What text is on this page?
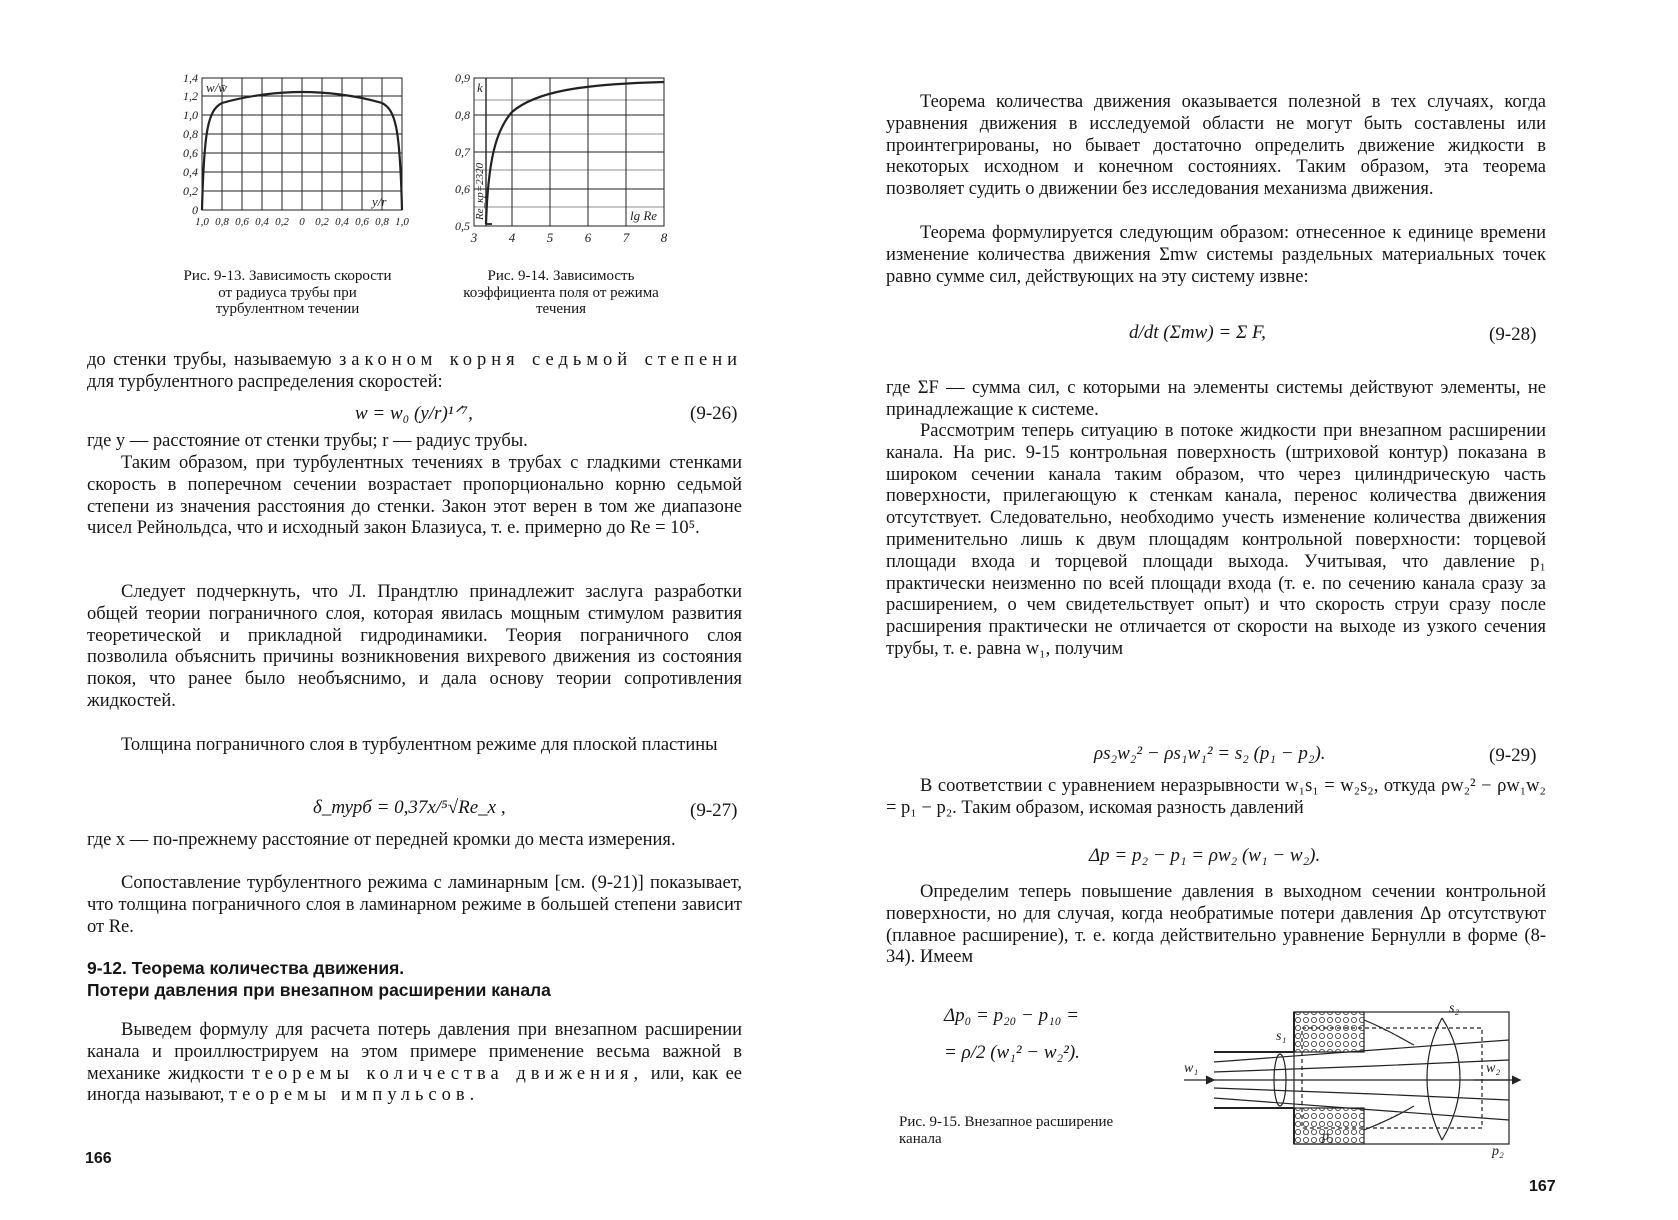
1,4
1,2
1,0
0,8
0,6
0,4
0,2
0
1,0 0,8 0,6 0,4 0,2 0 0,2 0,4 0,6 0,8 1,0
w/w̄
y/r

Рис. 9-13. Зависимость скорости от радиуса трубы при турбулентном течении

0,9
0,8
0,7
0,6
0,5
3 4 5 6 7 8
k
lg Re
Re_кр=2320

Рис. 9-14. Зависимость коэффициента поля от режима течения

до стенки трубы, называемую законом корня седьмой степени для турбулентного распределения скоростей:

w = w₀ (y/r)¹ᐟ⁷,	(9-26)

где y — расстояние от стенки трубы; r — радиус трубы.

Таким образом, при турбулентных течениях в трубах с гладкими стенками скорость в поперечном сечении возрастает пропорционально корню седьмой степени из значения расстояния до стенки. Закон этот верен в том же диапазоне чисел Рейнольдса, что и исходный закон Блазиуса, т. е. примерно до Re = 10⁵.

Следует подчеркнуть, что Л. Прандтлю принадлежит заслуга разработки общей теории пограничного слоя, которая явилась мощным стимулом развития теоретической и прикладной гидродинамики. Теория пограничного слоя позволила объяснить причины возникновения вихревого движения из состояния покоя, что ранее было необъяснимо, и дала основу теории сопротивления жидкостей.

Толщина пограничного слоя в турбулентном режиме для плоской пластины

δ_турб = 0,37x/⁵√Re_x ,	(9-27)

где x — по-прежнему расстояние от передней кромки до места измерения.

Сопоставление турбулентного режима с ламинарным [см. (9-21)] показывает, что толщина пограничного слоя в ламинарном режиме в большей степени зависит от Re.

9-12. Теорема количества движения.
Потери давления при внезапном расширении канала

Выведем формулу для расчета потерь давления при внезапном расширении канала и проиллюстрируем на этом примере применение весьма важной в механике жидкости теоремы количества движения, или, как ее иногда называют, теоремы импульсов.

166

Теорема количества движения оказывается полезной в тех случаях, когда уравнения движения в исследуемой области не могут быть составлены или проинтегрированы, но бывает достаточно определить движение жидкости в некоторых исходном и конечном состояниях. Таким образом, эта теорема позволяет судить о движении без исследования механизма движения.

Теорема формулируется следующим образом: отнесенное к единице времени изменение количества движения Σmw системы раздельных материальных точек равно сумме сил, действующих на эту систему извне:

d/dt (Σmw) = Σ F,	(9-28)

где ΣF — сумма сил, с которыми на элементы системы действуют элементы, не принадлежащие к системе.

Рассмотрим теперь ситуацию в потоке жидкости при внезапном расширении канала. На рис. 9-15 контрольная поверхность (штриховой контур) показана в широком сечении канала таким образом, что через цилиндрическую часть поверхности, прилегающую к стенкам канала, перенос количества движения отсутствует. Следовательно, необходимо учесть изменение количества движения применительно лишь к двум площадям контрольной поверхности: торцевой площади входа и торцевой площади выхода. Учитывая, что давление p₁ практически неизменно по всей площади входа (т. е. по сечению канала сразу за расширением, о чем свидетельствует опыт) и что скорость струи сразу после расширения практически не отличается от скорости на выходе из узкого сечения трубы, т. е. равна w₁, получим

ρs₂w₂² − ρs₁w₁² = s₂ (p₁ − p₂).	(9-29)

В соответствии с уравнением неразрывности w₁s₁ = w₂s₂, откуда ρw₂² − ρw₁w₂ = p₁ − p₂. Таким образом, искомая разность давлений

Δp = p₂ − p₁ = ρw₂ (w₁ − w₂).

Определим теперь повышение давления в выходном сечении контрольной поверхности, но для случая, когда необратимые потери давления Δp отсутствуют (плавное расширение), т. е. когда действительно уравнение Бернулли в форме (8-34). Имеем

Δp₀ = p₂₀ − p₁₀ =
= ρ/2 (w₁² − w₂²).

Рис. 9-15. Внезапное расширение канала

w₁	w₂
s₁
s₂
p₁
p₂
167
